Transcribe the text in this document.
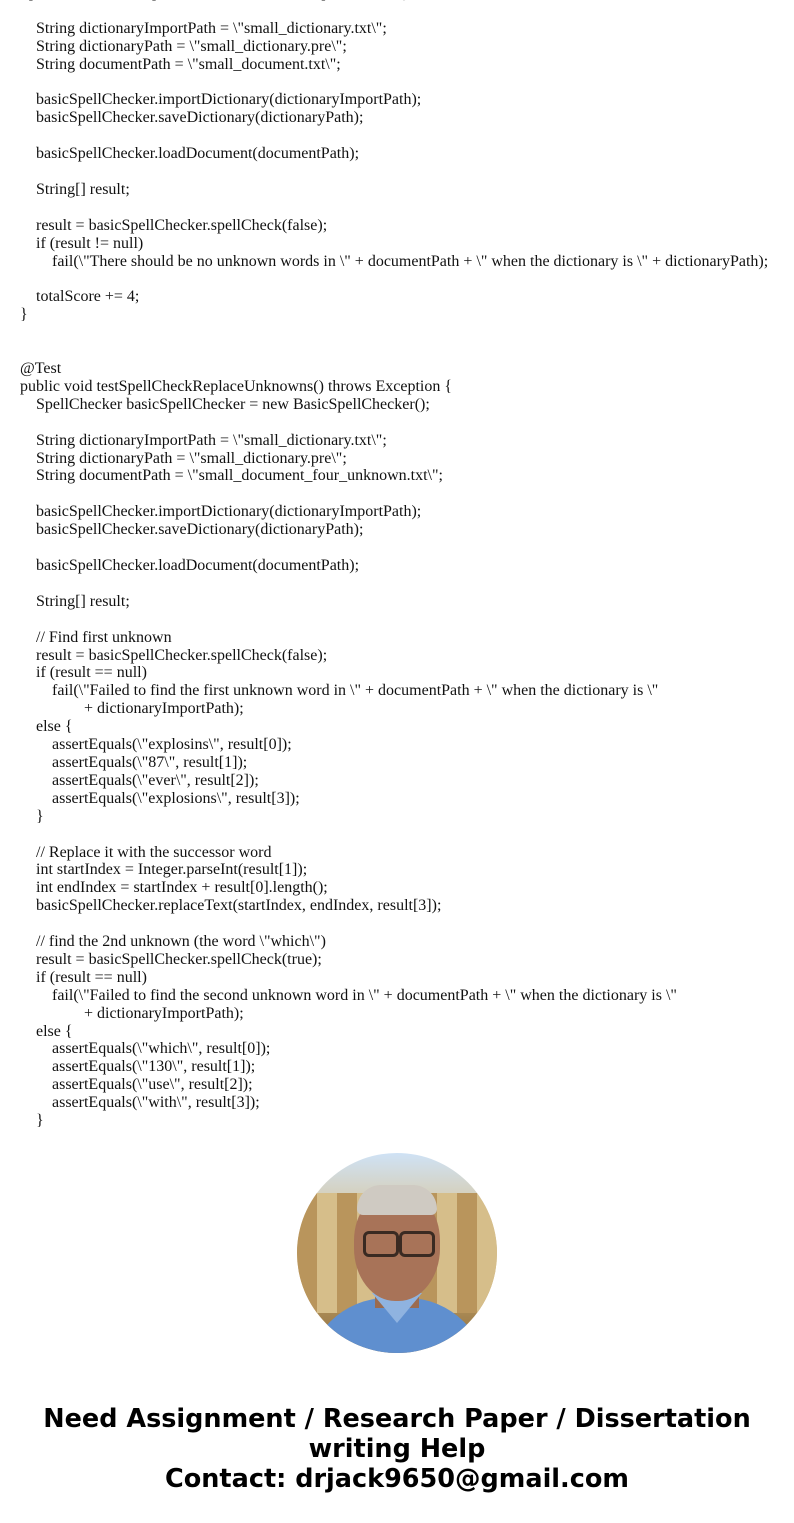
String dictionaryImportPath = \"small_dictionary.txt\";
String dictionaryPath = \"small_dictionary.pre\";
String documentPath = \"small_document.txt\";
basicSpellChecker.importDictionary(dictionaryImportPath);
basicSpellChecker.saveDictionary(dictionaryPath);
basicSpellChecker.loadDocument(documentPath);
String[] result;
result = basicSpellChecker.spellCheck(false);
if (result != null)
fail(\"There should be no unknown words in \" + documentPath + \" when the dictionary is \" + dictionaryPath);
totalScore += 4;
}
@Test
public void testSpellCheckReplaceUnknowns() throws Exception {
SpellChecker basicSpellChecker = new BasicSpellChecker();
String dictionaryImportPath = \"small_dictionary.txt\";
String dictionaryPath = \"small_dictionary.pre\";
String documentPath = \"small_document_four_unknown.txt\";
basicSpellChecker.importDictionary(dictionaryImportPath);
basicSpellChecker.saveDictionary(dictionaryPath);
basicSpellChecker.loadDocument(documentPath);
String[] result;
// Find first unknown
result = basicSpellChecker.spellCheck(false);
if (result == null)
fail(\"Failed to find the first unknown word in \" + documentPath + \" when the dictionary is \"
+ dictionaryImportPath);
else {
assertEquals(\"explosins\", result[0]);
assertEquals(\"87\", result[1]);
assertEquals(\"ever\", result[2]);
assertEquals(\"explosions\", result[3]);
}
// Replace it with the successor word
int startIndex = Integer.parseInt(result[1]);
int endIndex = startIndex + result[0].length();
basicSpellChecker.replaceText(startIndex, endIndex, result[3]);
// find the 2nd unknown (the word \"which\")
result = basicSpellChecker.spellCheck(true);
if (result == null)
fail(\"Failed to find the second unknown word in \" + documentPath + \" when the dictionary is \"
+ dictionaryImportPath);
else {
assertEquals(\"which\", result[0]);
assertEquals(\"130\", result[1]);
assertEquals(\"use\", result[2]);
assertEquals(\"with\", result[3]);
}
Need Assignment / Research Paper / Dissertation
writing Help
Contact: drjack9650@gmail.com
